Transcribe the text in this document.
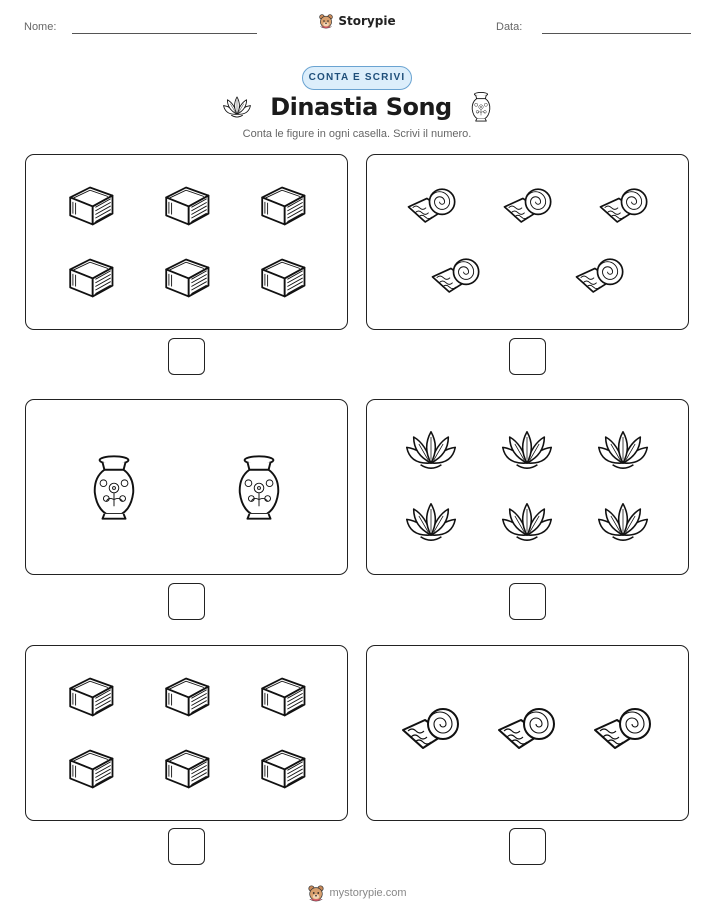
Nome:	Storypie	Data:
CONTA E SCRIVI
Dinastia Song
Conta le figure in ogni casella. Scrivi il numero.
mystorypie.com
